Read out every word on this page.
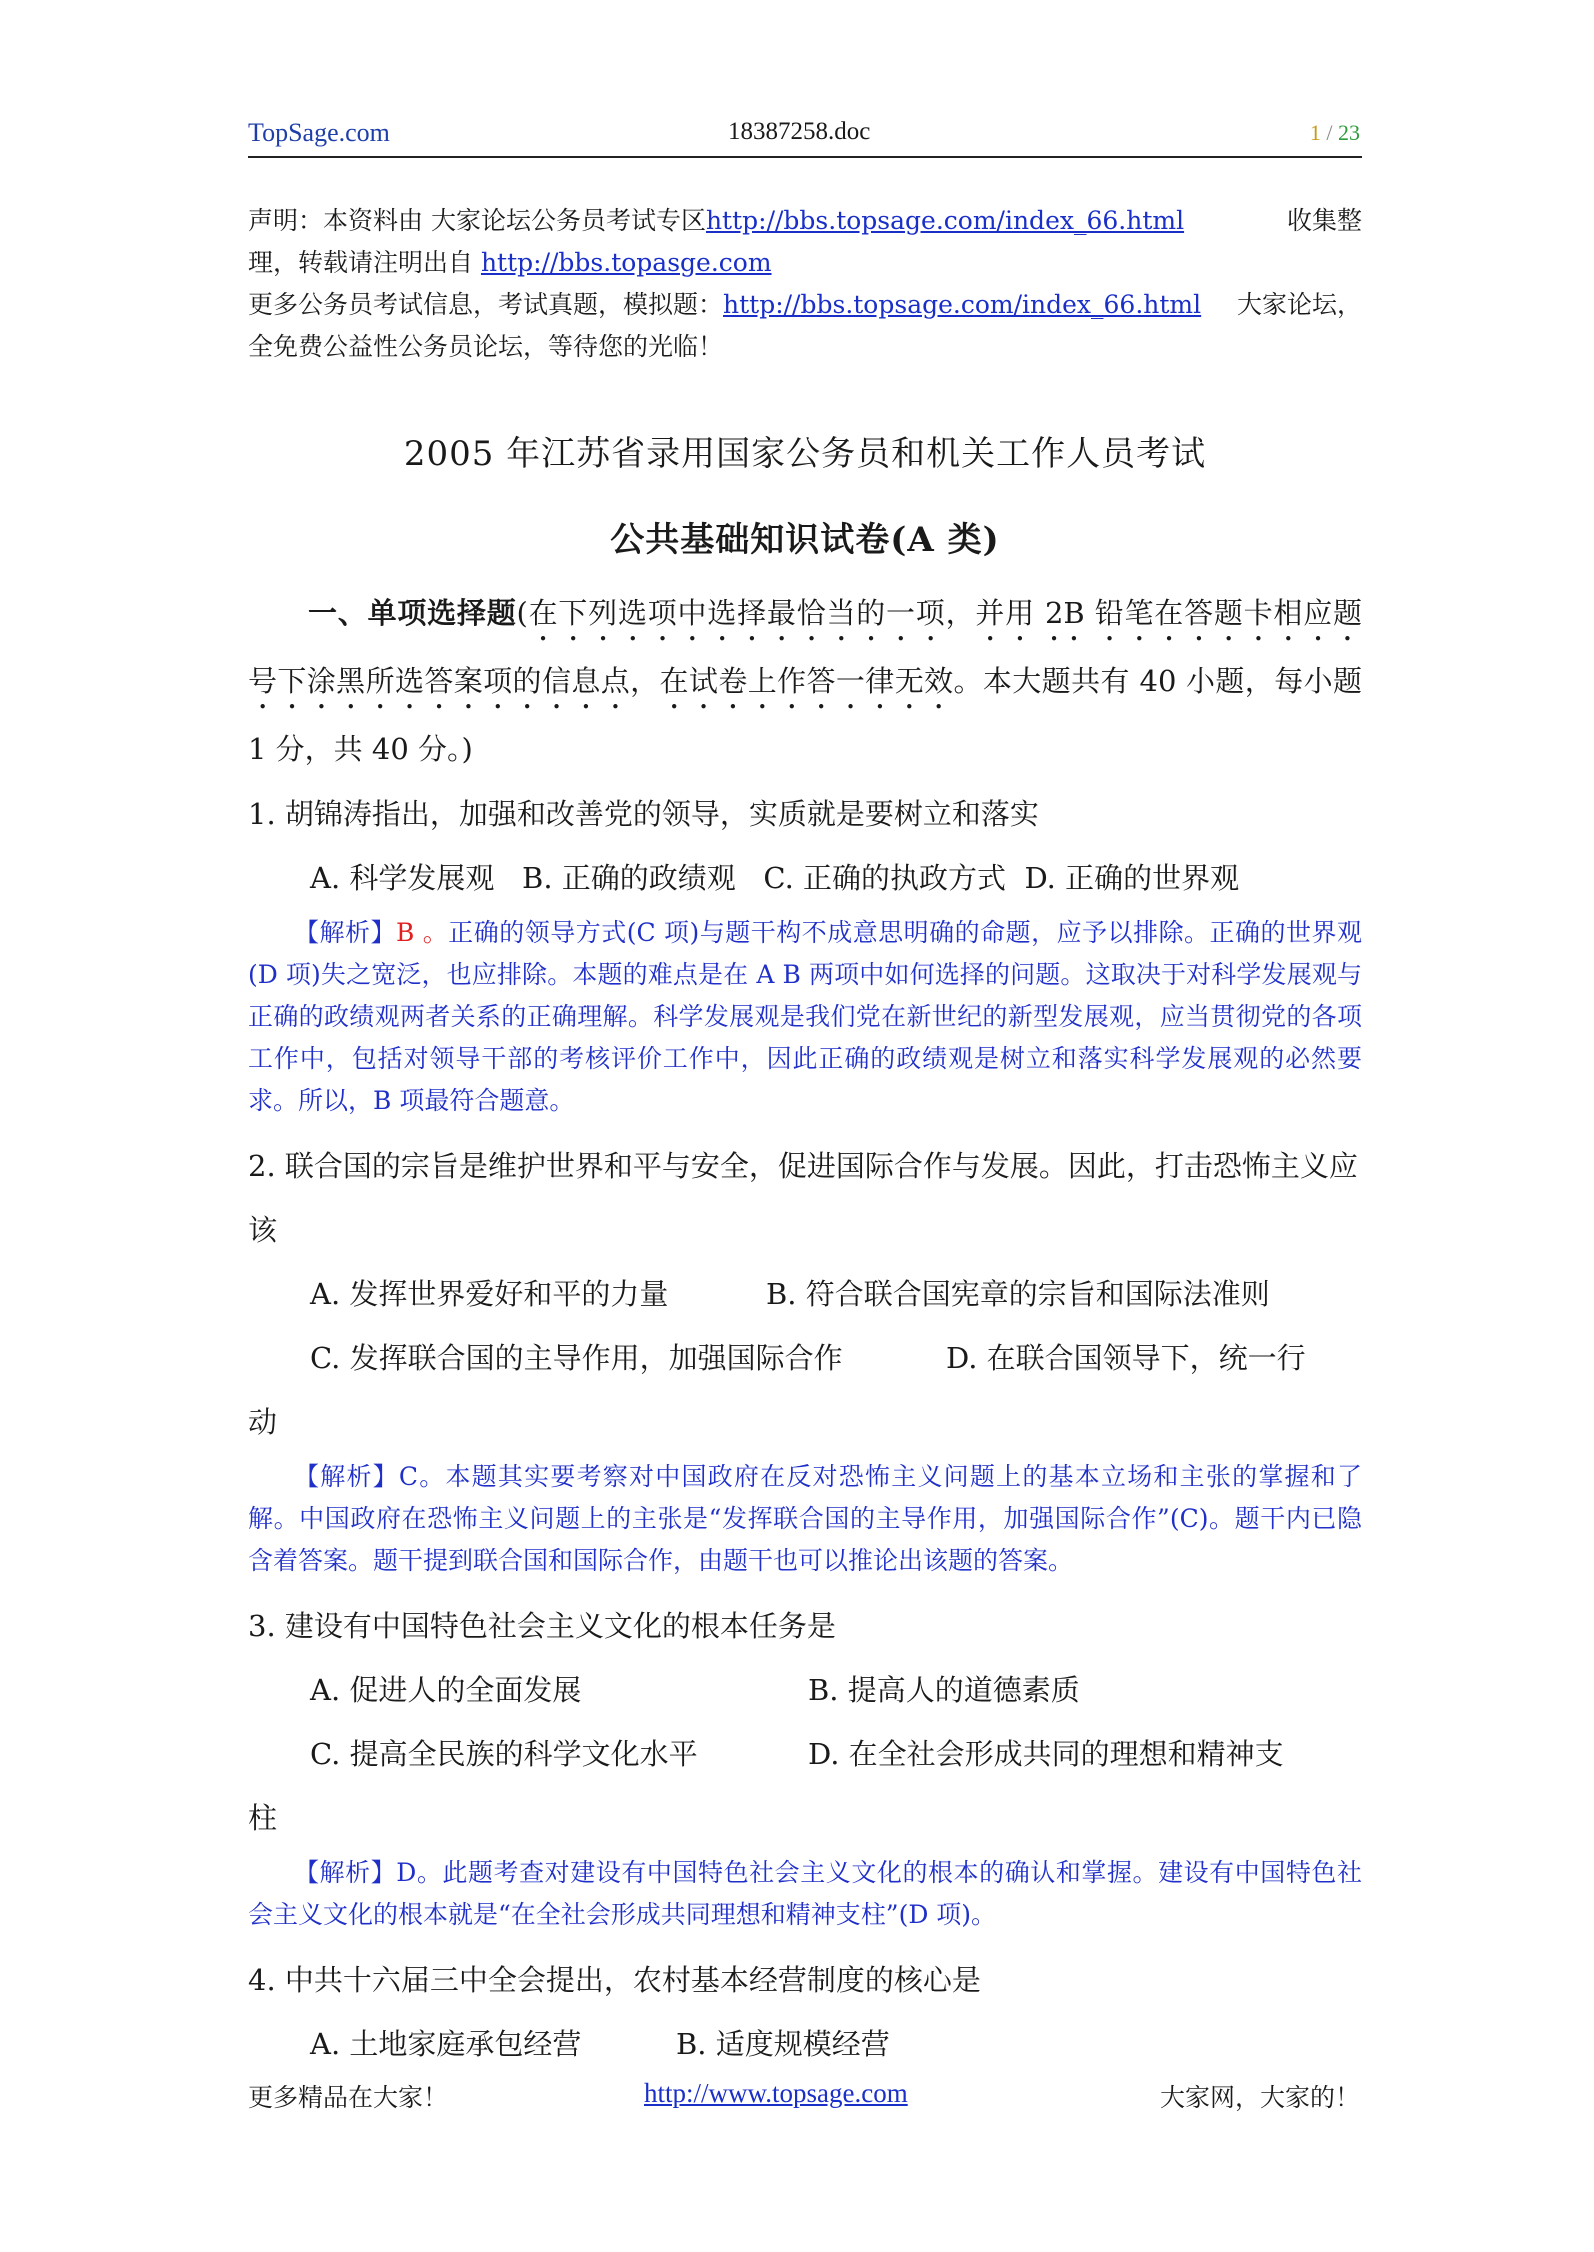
TopSage.com	18387258.doc	1 / 23

声明：本资料由 大家论坛公务员考试专区 http://bbs.topsage.com/index_66.html	收集整

理，转载请注明出自 http://bbs.topasge.com

更多公务员考试信息，考试真题，模拟题： http://bbs.topsage.com/index_66.html 大家论坛，

全免费公益性公务员论坛，等待您的光临！

2005 年江苏省录用国家公务员和机关工作人员考试
公共基础知识试卷(A 类)

一、单项选择题(在下列选项中选择最恰当的一项，并用 2B 铅笔在答题卡相应题号下涂黑所选答案项的信息点，在试卷上作答一律无效。本大题共有 40 小题，每小题 1 分，共 40 分。)

1. 胡锦涛指出，加强和改善党的领导，实质就是要树立和落实

A. 科学发展观   B. 正确的政绩观   C. 正确的执政方式  D. 正确的世界观

【解析】B 。正确的领导方式(C 项)与题干构不成意思明确的命题，应予以排除。正确的世界观(D 项)失之宽泛，也应排除。本题的难点是在 A B 两项中如何选择的问题。这取决于对科学发展观与正确的政绩观两者关系的正确理解。科学发展观是我们党在新世纪的新型发展观，应当贯彻党的各项工作中，包括对领导干部的考核评价工作中，因此正确的政绩观是树立和落实科学发展观的必然要求。所以，B 项最符合题意。

2. 联合国的宗旨是维护世界和平与安全，促进国际合作与发展。因此，打击恐怖主义应该

A. 发挥世界爱好和平的力量	B. 符合联合国宪章的宗旨和国际法准则
C. 发挥联合国的主导作用，加强国际合作	D. 在联合国领导下，统一行

动

【解析】C。本题其实要考察对中国政府在反对恐怖主义问题上的基本立场和主张的掌握和了解。中国政府在恐怖主义问题上的主张是“发挥联合国的主导作用，加强国际合作”(C)。题干内已隐含着答案。题干提到联合国和国际合作，由题干也可以推论出该题的答案。

3. 建设有中国特色社会主义文化的根本任务是

A. 促进人的全面发展	B. 提高人的道德素质
C. 提高全民族的科学文化水平	D. 在全社会形成共同的理想和精神支

柱

【解析】D。此题考查对建设有中国特色社会主义文化的根本的确认和掌握。建设有中国特色社会主义文化的根本就是“在全社会形成共同理想和精神支柱”(D 项)。

4. 中共十六届三中全会提出，农村基本经营制度的核心是

A. 土地家庭承包经营	B. 适度规模经营
更多精品在大家！	http://www.topsage.com	大家网，大家的！
